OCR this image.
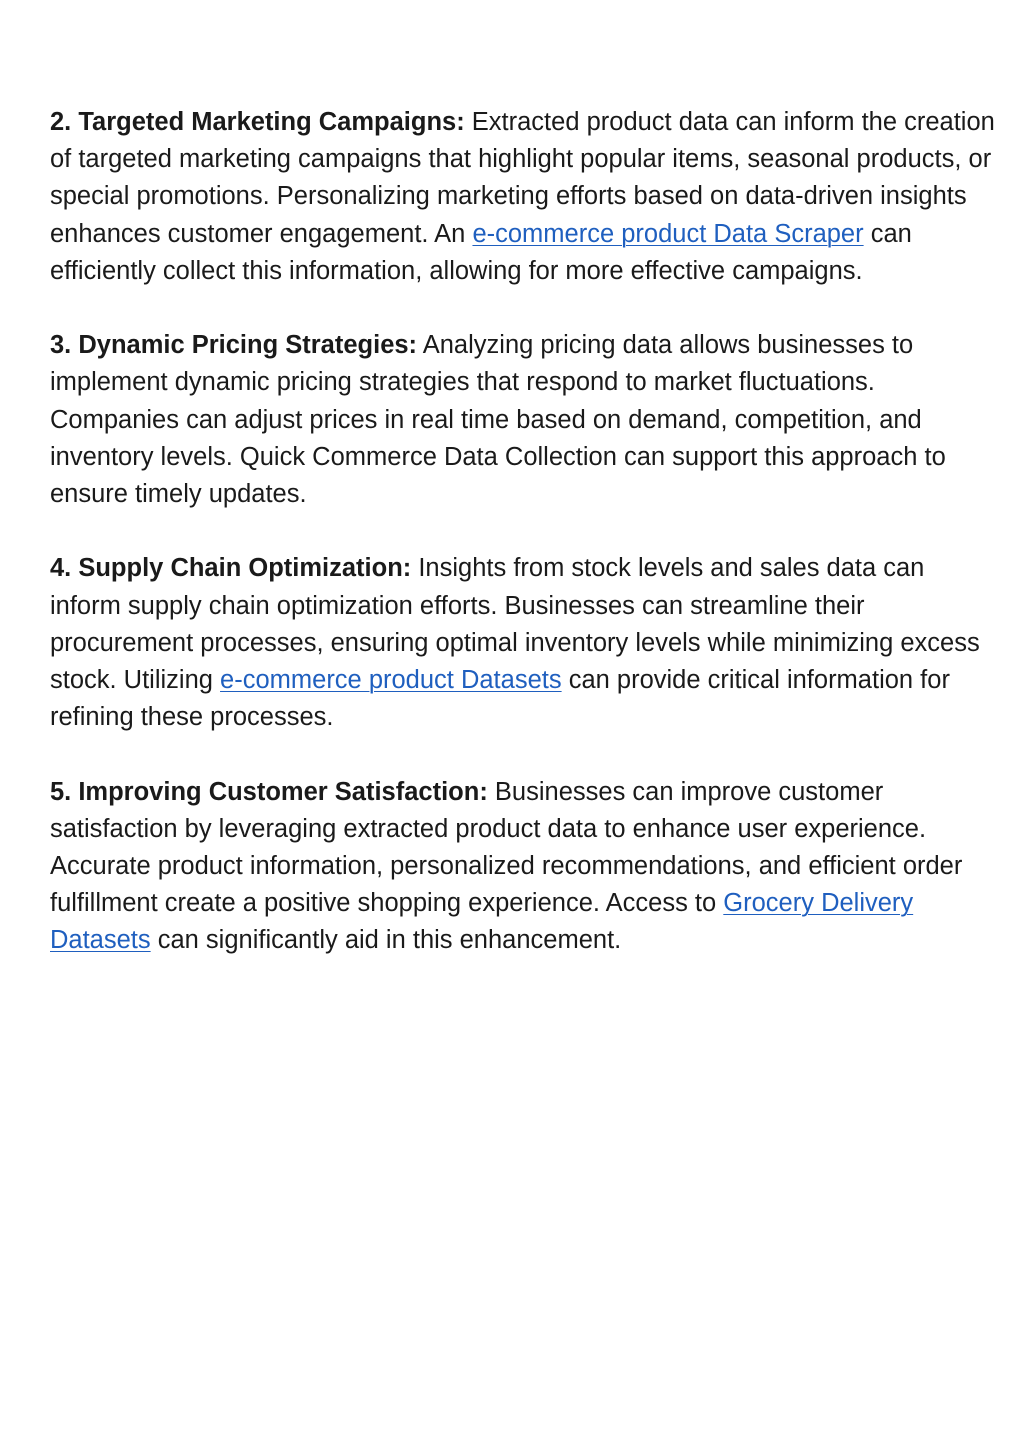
2. Targeted Marketing Campaigns: Extracted product data can inform the creation of targeted marketing campaigns that highlight popular items, seasonal products, or special promotions. Personalizing marketing efforts based on data-driven insights enhances customer engagement. An e-commerce product Data Scraper can efficiently collect this information, allowing for more effective campaigns.

3. Dynamic Pricing Strategies: Analyzing pricing data allows businesses to implement dynamic pricing strategies that respond to market fluctuations. Companies can adjust prices in real time based on demand, competition, and inventory levels. Quick Commerce Data Collection can support this approach to ensure timely updates.

4. Supply Chain Optimization: Insights from stock levels and sales data can inform supply chain optimization efforts. Businesses can streamline their procurement processes, ensuring optimal inventory levels while minimizing excess stock. Utilizing e-commerce product Datasets can provide critical information for refining these processes.

5. Improving Customer Satisfaction: Businesses can improve customer satisfaction by leveraging extracted product data to enhance user experience. Accurate product information, personalized recommendations, and efficient order fulfillment create a positive shopping experience. Access to Grocery Delivery Datasets can significantly aid in this enhancement.
